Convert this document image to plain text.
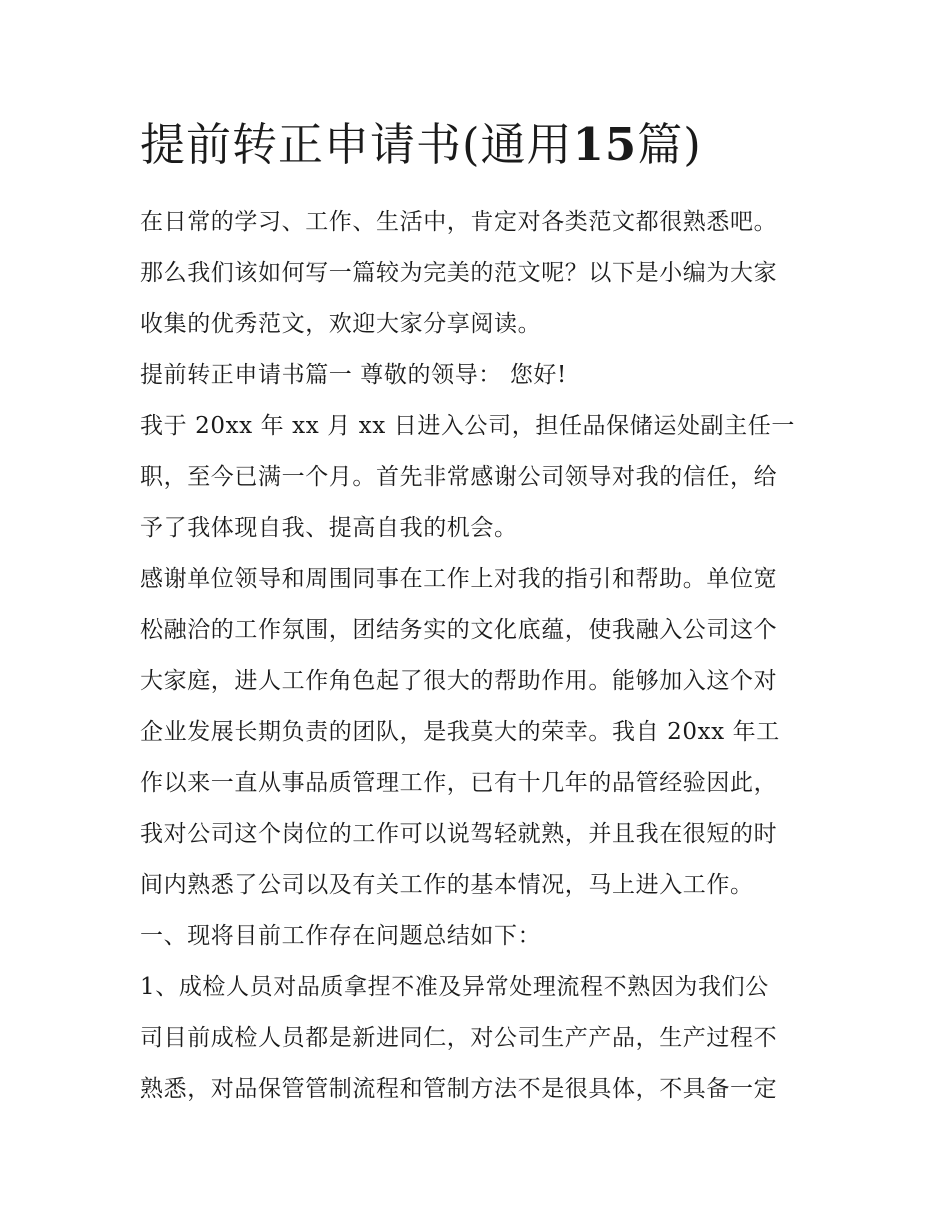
提前转正申请书(通用15篇)
在日常的学习、工作、生活中，肯定对各类范文都很熟悉吧。
那么我们该如何写一篇较为完美的范文呢？以下是小编为大家
收集的优秀范文，欢迎大家分享阅读。
提前转正申请书篇一 尊敬的领导： 您好!
我于 20xx 年 xx 月 xx 日进入公司，担任品保储运处副主任一
职，至今已满一个月。首先非常感谢公司领导对我的信任，给
予了我体现自我、提高自我的机会。
感谢单位领导和周围同事在工作上对我的指引和帮助。单位宽
松融洽的工作氛围，团结务实的文化底蕴，使我融入公司这个
大家庭，进人工作角色起了很大的帮助作用。能够加入这个对
企业发展长期负责的团队，是我莫大的荣幸。我自 20xx 年工
作以来一直从事品质管理工作，已有十几年的品管经验因此，
我对公司这个岗位的工作可以说驾轻就熟，并且我在很短的时
间内熟悉了公司以及有关工作的基本情况，马上进入工作。
一、现将目前工作存在问题总结如下：
1、成检人员对品质拿捏不准及异常处理流程不熟因为我们公
司目前成检人员都是新进同仁，对公司生产产品，生产过程不
熟悉，对品保管管制流程和管制方法不是很具体，不具备一定
